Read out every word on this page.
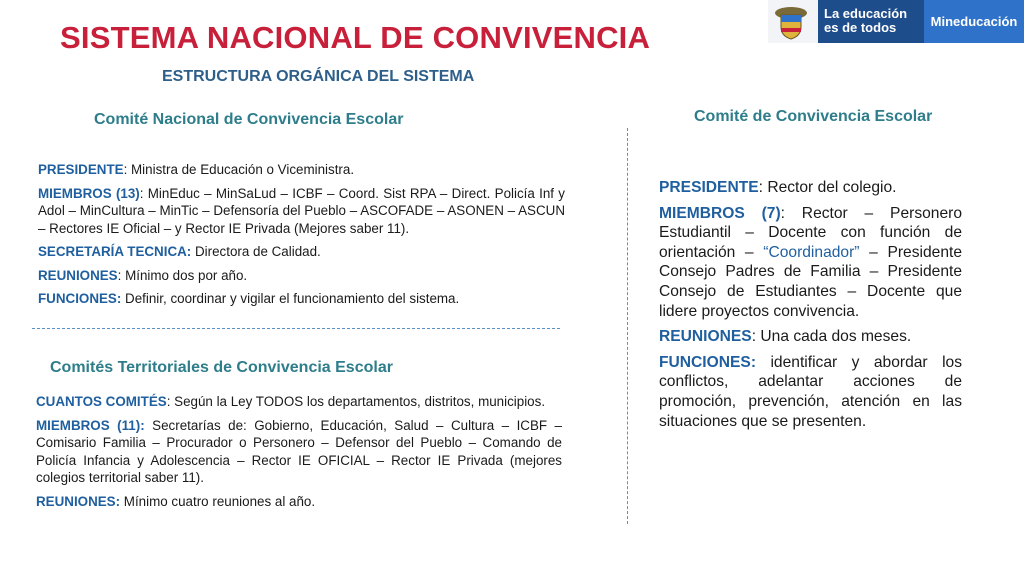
La educación
es de todos	Mineducación
SISTEMA NACIONAL DE CONVIVENCIA
ESTRUCTURA ORGÁNICA DEL SISTEMA
Comité Nacional de Convivencia Escolar

PRESIDENTE: Ministra de Educación o Viceministra.

MIEMBROS (13): MinEduc – MinSaLud – ICBF – Coord. Sist RPA – Direct. Policía Inf y Adol – MinCultura – MinTic – Defensoría del Pueblo – ASCOFADE – ASONEN – ASCUN – Rectores IE Oficial – y Rector IE Privada (Mejores saber 11).

SECRETARÍA TECNICA: Directora de Calidad.

REUNIONES: Mínimo dos por año.

FUNCIONES: Definir, coordinar y vigilar el funcionamiento del sistema.

Comités Territoriales de Convivencia Escolar

CUANTOS COMITÉS: Según la Ley TODOS los departamentos, distritos, municipios.

MIEMBROS (11): Secretarías de: Gobierno, Educación, Salud – Cultura – ICBF – Comisario Familia – Procurador o Personero – Defensor del Pueblo – Comando de Policía Infancia y Adolescencia – Rector IE OFICIAL – Rector IE Privada (mejores colegios territorial saber 11).

REUNIONES: Mínimo cuatro reuniones al año.

Comité de Convivencia Escolar

PRESIDENTE: Rector del colegio.

MIEMBROS (7): Rector – Personero Estudiantil – Docente con función de orientación – “Coordinador” – Presidente Consejo Padres de Familia – Presidente Consejo de Estudiantes – Docente que lidere proyectos convivencia.

REUNIONES: Una cada dos meses.

FUNCIONES: identificar y abordar los conflictos, adelantar acciones de promoción, prevención, atención en las situaciones que se presenten.
